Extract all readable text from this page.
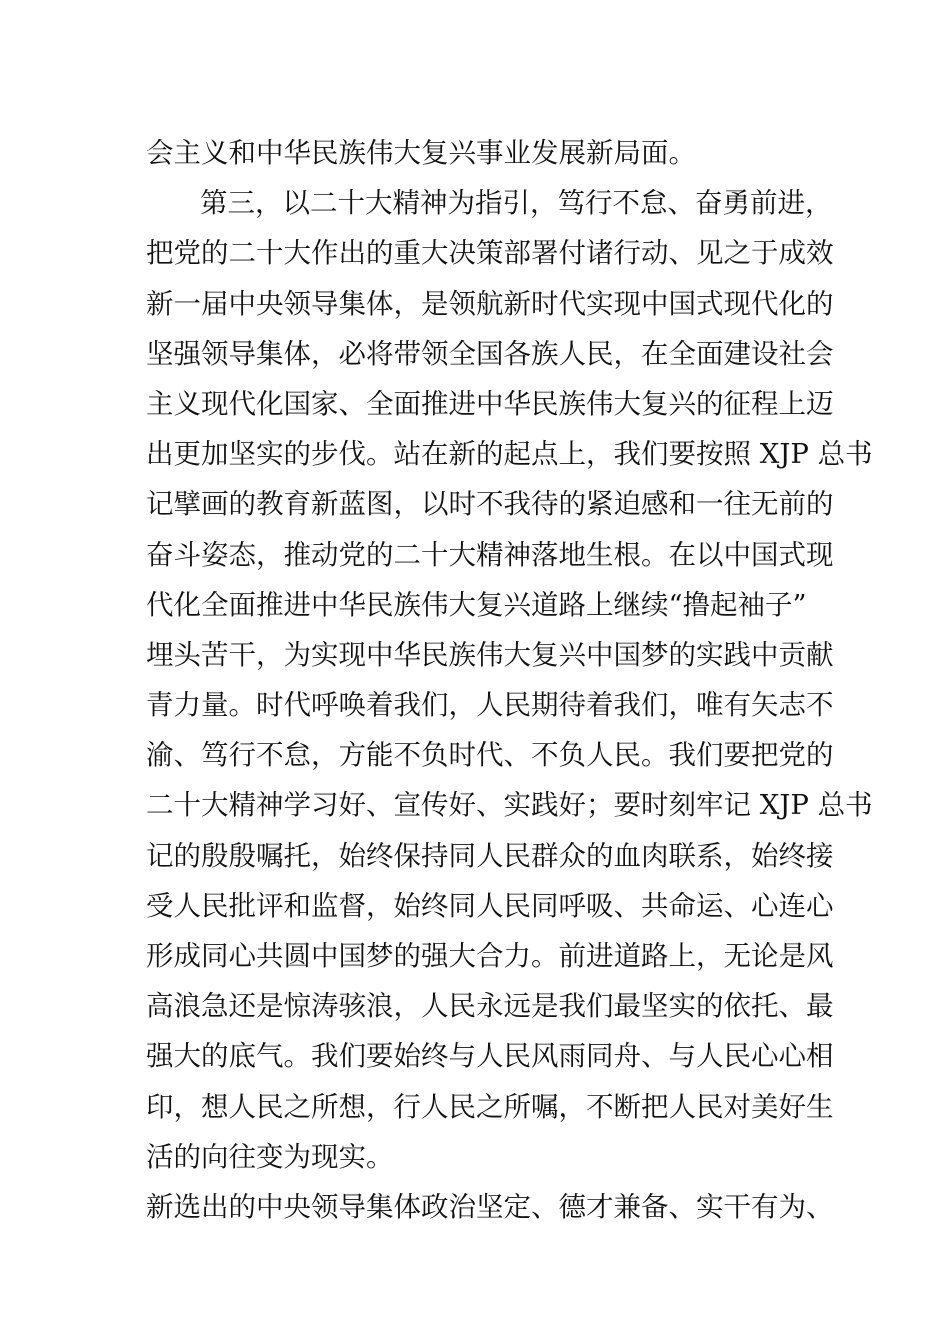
会主义和中华民族伟大复兴事业发展新局面。
第三，以二十大精神为指引，笃行不怠、奋勇前进，
把党的二十大作出的重大决策部署付诸行动、见之于成效
新一届中央领导集体，是领航新时代实现中国式现代化的
坚强领导集体，必将带领全国各族人民，在全面建设社会
主义现代化国家、全面推进中华民族伟大复兴的征程上迈
出更加坚实的步伐。站在新的起点上，我们要按照 XJP 总书
记擘画的教育新蓝图，以时不我待的紧迫感和一往无前的
奋斗姿态，推动党的二十大精神落地生根。在以中国式现
代化全面推进中华民族伟大复兴道路上继续“撸起袖子”
埋头苦干，为实现中华民族伟大复兴中国梦的实践中贡献
青力量。时代呼唤着我们，人民期待着我们，唯有矢志不
渝、笃行不怠，方能不负时代、不负人民。我们要把党的
二十大精神学习好、宣传好、实践好；要时刻牢记 XJP 总书
记的殷殷嘱托，始终保持同人民群众的血肉联系，始终接
受人民批评和监督，始终同人民同呼吸、共命运、心连心
形成同心共圆中国梦的强大合力。前进道路上，无论是风
高浪急还是惊涛骇浪，人民永远是我们最坚实的依托、最
强大的底气。我们要始终与人民风雨同舟、与人民心心相
印，想人民之所想，行人民之所嘱，不断把人民对美好生
活的向往变为现实。
新选出的中央领导集体政治坚定、德才兼备、实干有为、
